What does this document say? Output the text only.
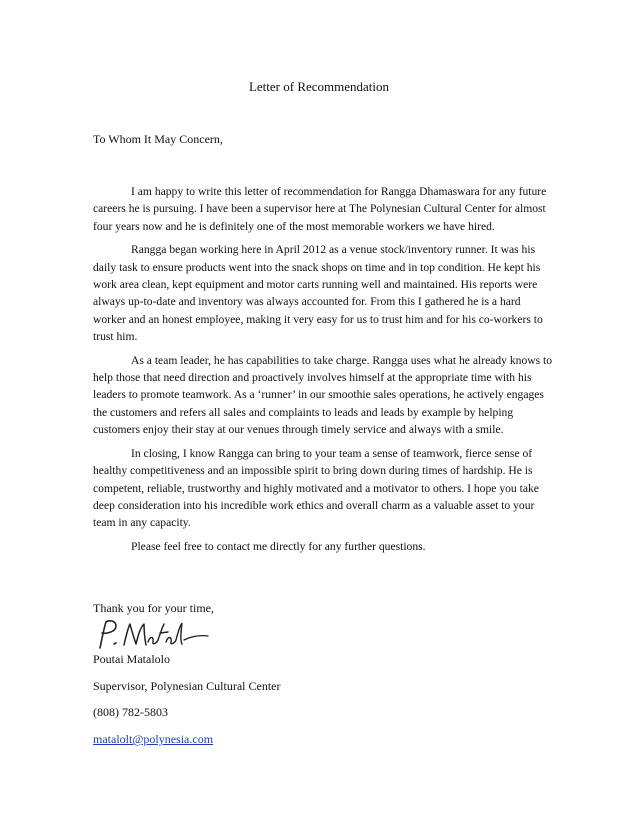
Letter of Recommendation
To Whom It May Concern,

I am happy to write this letter of recommendation for Rangga Dhamaswara for any future careers he is pursuing. I have been a supervisor here at The Polynesian Cultural Center for almost four years now and he is definitely one of the most memorable workers we have hired.

Rangga began working here in April 2012 as a venue stock/inventory runner. It was his daily task to ensure products went into the snack shops on time and in top condition. He kept his work area clean, kept equipment and motor carts running well and maintained. His reports were always up-to-date and inventory was always accounted for. From this I gathered he is a hard worker and an honest employee, making it very easy for us to trust him and for his co-workers to trust him.

As a team leader, he has capabilities to take charge. Rangga uses what he already knows to help those that need direction and proactively involves himself at the appropriate time with his leaders to promote teamwork. As a ‘runner’ in our smoothie sales operations, he actively engages the customers and refers all sales and complaints to leads and leads by example by helping customers enjoy their stay at our venues through timely service and always with a smile.

In closing, I know Rangga can bring to your team a sense of teamwork, fierce sense of healthy competitiveness and an impossible spirit to bring down during times of hardship. He is competent, reliable, trustworthy and highly motivated and a motivator to others. I hope you take deep consideration into his incredible work ethics and overall charm as a valuable asset to your team in any capacity.

Please feel free to contact me directly for any further questions.

Thank you for your time,
Poutai Matalolo
Supervisor, Polynesian Cultural Center
(808) 782-5803
matalolt@polynesia.com
